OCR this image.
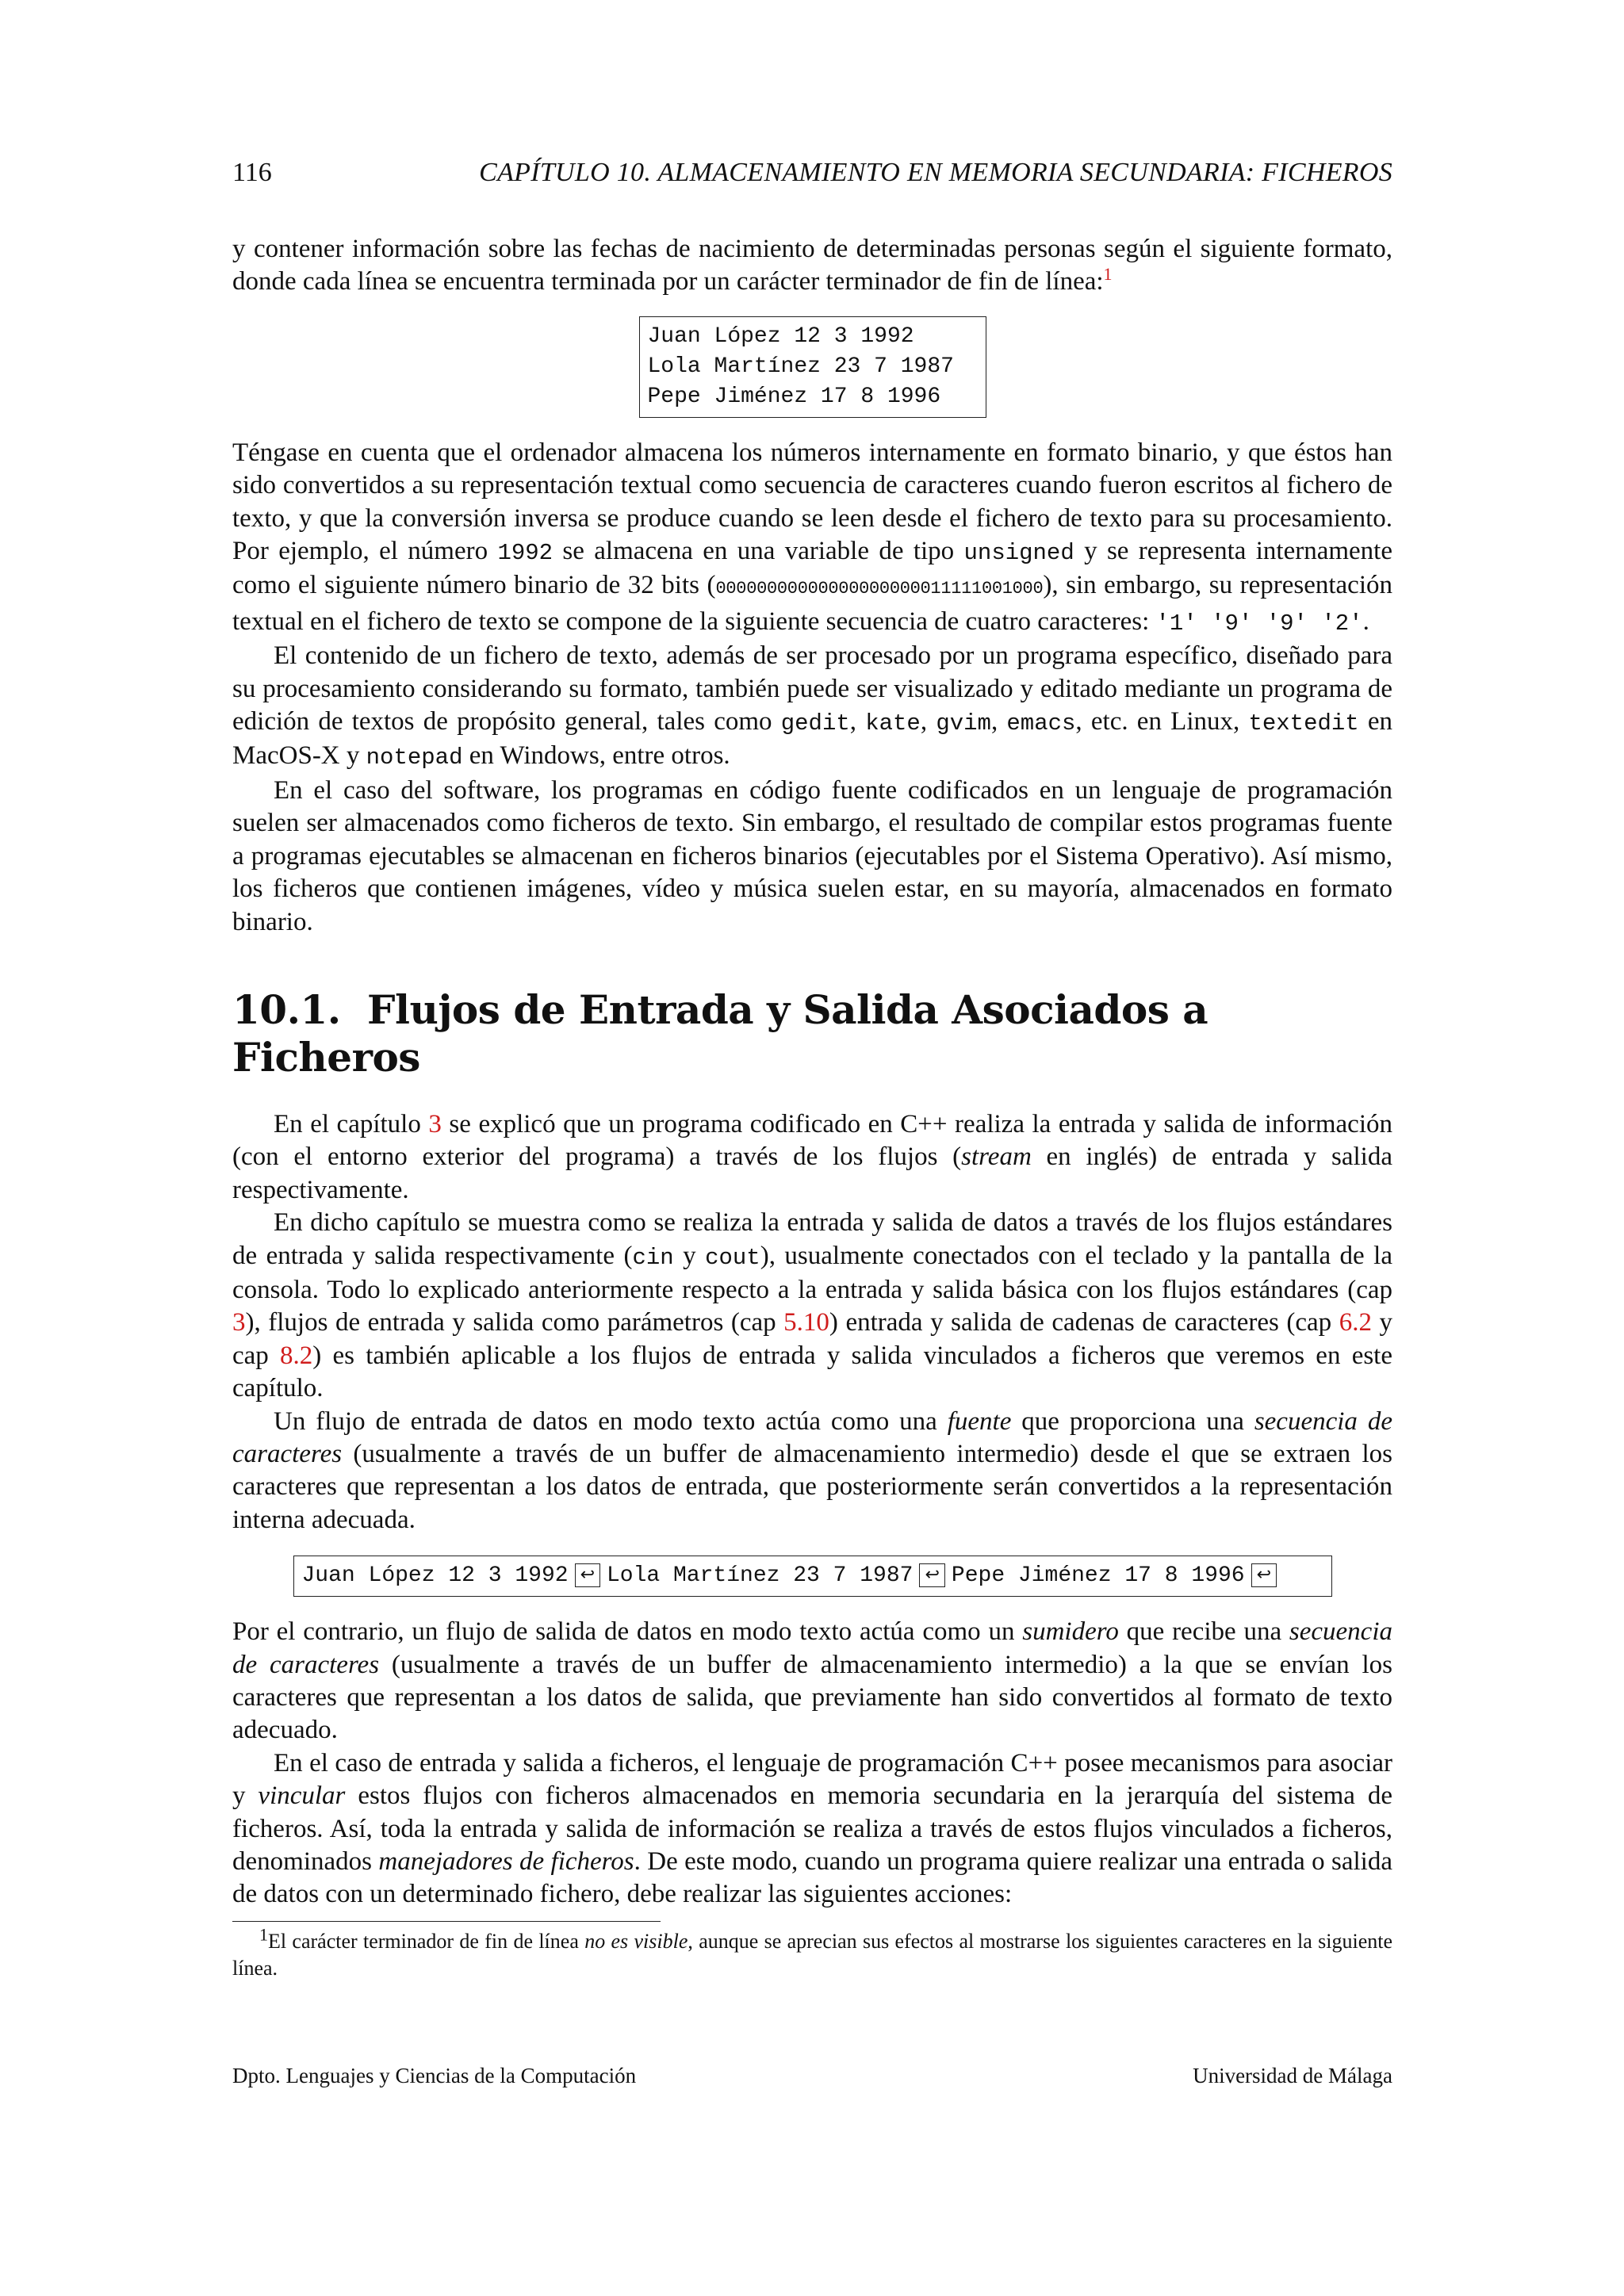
116	CAPÍTULO 10. ALMACENAMIENTO EN MEMORIA SECUNDARIA: FICHEROS

y contener información sobre las fechas de nacimiento de determinadas personas según el siguiente formato, donde cada línea se encuentra terminada por un carácter terminador de fin de línea:$^1$

Juan López 12 3 1992
Lola Martínez 23 7 1987
Pepe Jiménez 17 8 1996

Téngase en cuenta que el ordenador almacena los números internamente en formato binario, y que éstos han sido convertidos a su representación textual como secuencia de caracteres cuando fueron escritos al fichero de texto, y que la conversión inversa se produce cuando se leen desde el fichero de texto para su procesamiento. Por ejemplo, el número 1992 se almacena en una variable de tipo unsigned y se representa internamente como el siguiente número binario de 32 bits (00000000000000000000011111001000), sin embargo, su representación textual en el fichero de texto se compone de la siguiente secuencia de cuatro caracteres: '1' '9' '9' '2'.

El contenido de un fichero de texto, además de ser procesado por un programa específico, diseñado para su procesamiento considerando su formato, también puede ser visualizado y editado mediante un programa de edición de textos de propósito general, tales como gedit, kate, gvim, emacs, etc. en Linux, textedit en MacOS-X y notepad en Windows, entre otros.

En el caso del software, los programas en código fuente codificados en un lenguaje de programación suelen ser almacenados como ficheros de texto. Sin embargo, el resultado de compilar estos programas fuente a programas ejecutables se almacenan en ficheros binarios (ejecutables por el Sistema Operativo). Así mismo, los ficheros que contienen imágenes, vídeo y música suelen estar, en su mayoría, almacenados en formato binario.

10.1. Flujos de Entrada y Salida Asociados a Ficheros

En el capítulo 3 se explicó que un programa codificado en C++ realiza la entrada y salida de información (con el entorno exterior del programa) a través de los flujos (stream en inglés) de entrada y salida respectivamente.

En dicho capítulo se muestra como se realiza la entrada y salida de datos a través de los flujos estándares de entrada y salida respectivamente (cin y cout), usualmente conectados con el teclado y la pantalla de la consola. Todo lo explicado anteriormente respecto a la entrada y salida básica con los flujos estándares (cap 3), flujos de entrada y salida como parámetros (cap 5.10) entrada y salida de cadenas de caracteres (cap 6.2 y cap 8.2) es también aplicable a los flujos de entrada y salida vinculados a ficheros que veremos en este capítulo.

Un flujo de entrada de datos en modo texto actúa como una fuente que proporciona una secuencia de caracteres (usualmente a través de un buffer de almacenamiento intermedio) desde el que se extraen los caracteres que representan a los datos de entrada, que posteriormente serán convertidos a la representación interna adecuada.

Juan López 12 3 1992 ↩ Lola Martínez 23 7 1987 ↩ Pepe Jiménez 17 8 1996 ↩

Por el contrario, un flujo de salida de datos en modo texto actúa como un sumidero que recibe una secuencia de caracteres (usualmente a través de un buffer de almacenamiento intermedio) a la que se envían los caracteres que representan a los datos de salida, que previamente han sido convertidos al formato de texto adecuado.

En el caso de entrada y salida a ficheros, el lenguaje de programación C++ posee mecanismos para asociar y vincular estos flujos con ficheros almacenados en memoria secundaria en la jerarquía del sistema de ficheros. Así, toda la entrada y salida de información se realiza a través de estos flujos vinculados a ficheros, denominados manejadores de ficheros. De este modo, cuando un programa quiere realizar una entrada o salida de datos con un determinado fichero, debe realizar las siguientes acciones:

$^1$El carácter terminador de fin de línea no es visible, aunque se aprecian sus efectos al mostrarse los siguientes caracteres en la siguiente línea.
Dpto. Lenguajes y Ciencias de la Computación	Universidad de Málaga
